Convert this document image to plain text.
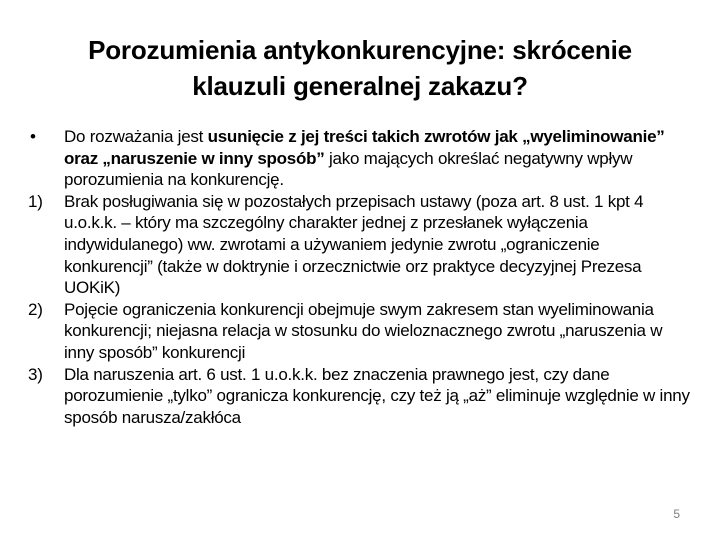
Porozumienia antykonkurencyjne: skrócenie klauzuli generalnej zakazu?
•	Do rozważania jest usunięcie z jej treści takich zwrotów jak „wyeliminowanie” oraz „naruszenie w inny sposób” jako mających określać negatywny wpływ porozumienia na konkurencję.
1)	Brak posługiwania się w pozostałych przepisach ustawy (poza art. 8 ust. 1 kpt 4 u.o.k.k. – który ma szczególny charakter jednej z przesłanek wyłączenia indywidulanego) ww. zwrotami a używaniem jedynie zwrotu „ograniczenie konkurencji” (także w doktrynie i orzecznictwie orz praktyce decyzyjnej Prezesa UOKiK)
2)	Pojęcie ograniczenia konkurencji obejmuje swym zakresem stan wyeliminowania konkurencji; niejasna relacja w stosunku do wieloznacznego zwrotu „naruszenia w inny sposób” konkurencji
3)	Dla naruszenia art. 6 ust. 1 u.o.k.k. bez znaczenia prawnego jest, czy dane porozumienie „tylko” ogranicza konkurencję, czy też ją „aż” eliminuje względnie w inny sposób narusza/zakłóca
5
